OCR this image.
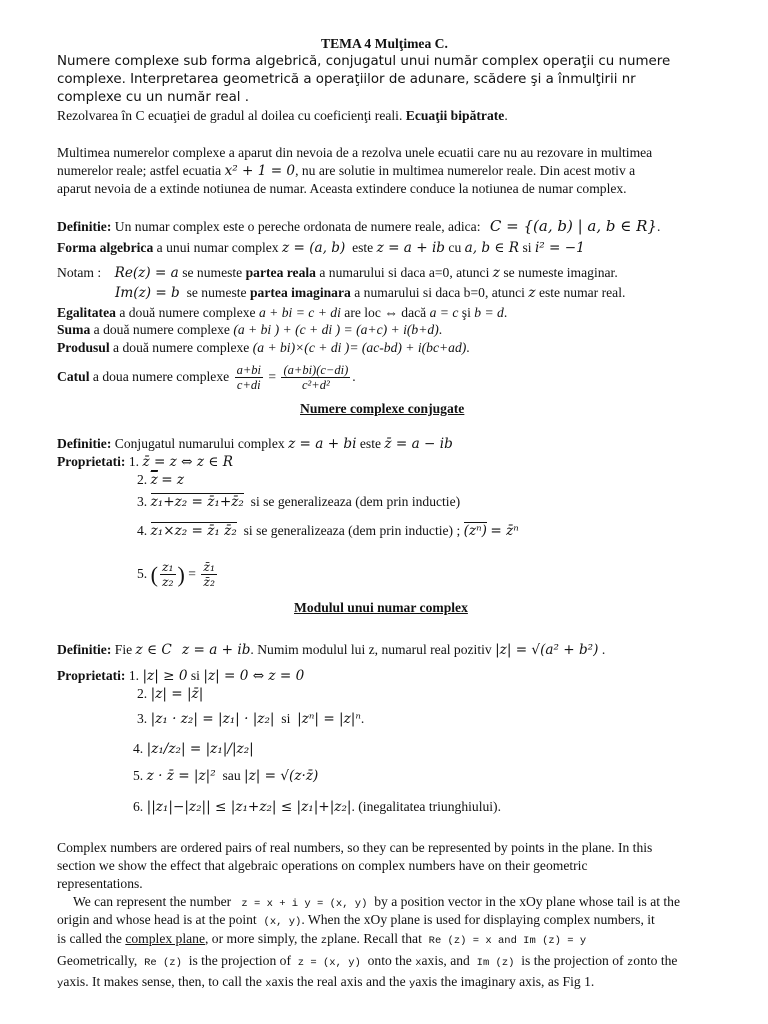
TEMA 4 Mulţimea C.
Numere complexe sub forma algebrică, conjugatul unui număr complex operaţii cu numere
complexe. Interpretarea geometrică a operaţiilor de adunare, scădere şi a înmulţirii nr
complexe cu un număr real .
Rezolvarea în C ecuaţiei de gradul al doilea cu coeficienţi reali. Ecuaţii bipătrate.
Multimea numerelor complexe a aparut din nevoia de a rezolva unele ecuatii care nu au rezovare in multimea
numerelor reale; astfel ecuatia x² + 1 = 0, nu are solutie in multimea numerelor reale. Din acest motiv a
aparut nevoia de a extinde notiunea de numar. Aceasta extindere conduce la notiunea de numar complex.
Definitie: Un numar complex este o pereche ordonata de numere reale, adica: C = {(a, b) | a, b ∈ R}.
Forma algebrica a unui numar complex z = (a, b) este z = a + ib cu a, b ∈ R si i² = −1
Notam : Re(z) = a se numeste partea reala a numarului si daca a=0, atunci z se numeste imaginar.
Im(z) = b se numeste partea imaginara a numarului si daca b=0, atunci z este numar real.
Egalitatea a două numere complexe a + bi = c + di are loc ⇔ dacă a = c şi b = d.
Suma a două numere complexe (a + bi ) + (c + di ) = (a+c) + i(b+d).
Produsul a două numere complexe (a + bi)×(c + di )= (ac-bd) + i(bc+ad).
Catul a doua numere complexe $\frac{a+bi}{c+di} = \frac{(a+bi)(c-di)}{\text{c²+d²}}$ .
Numere complexe conjugate
Definitie: Conjugatul numarului complex z = a + bi este z̄ = a − ib
Proprietati: 1. z̄ = z ⇔ z ∈ R
2. $\overline{z} = z$
3. z₁+z₂ = z̄₁+z̄₂ si se generalizeaza (dem prin inductie)
4. z₁×z₂ = z̄₁ z̄₂ si se generalizeaza (dem prin inductie) ; (zⁿ) = z̄ⁿ
5. ( $\frac{\text{z₁}}{\text{z₂}}$ ) = $\frac{\text{z̄₁}}{\text{z̄₂}}$
Modulul unui numar complex
Definitie: Fie z ∈ C z = a + ib. Numim modulul lui z, numarul real pozitiv |z| = √(a² + b²) .
Proprietati: 1. |z| ≥ 0 si |z| = 0 ⇔ z = 0
2. |z| = |z̄|
3. |z₁ · z₂| = |z₁| · |z₂| si |zⁿ| = |z|ⁿ.
4. |z₁/z₂| = |z₁|/|z₂|
5. z · z̄ = |z|² sau |z| = √(z·z̄)
6. ||z₁|−|z₂|| ≤ |z₁+z₂| ≤ |z₁|+|z₂|. (inegalitatea triunghiului).
Complex numbers are ordered pairs of real numbers, so they can be represented by points in the plane. In this
section we show the effect that algebraic operations on complex numbers have on their geometric
representations.
We can represent the number z = x + i y = (x, y) by a position vector in the xOy plane whose tail is at the
origin and whose head is at the point (x, y). When the xOy plane is used for displaying complex numbers, it
is called the complex plane, or more simply, the zplane. Recall that Re (z) = x and Im (z) = y
Geometrically, Re (z) is the projection of z = (x, y) onto the xaxis, and Im (z) is the projection of zonto the
yaxis. It makes sense, then, to call the xaxis the real axis and the yaxis the imaginary axis, as Fig 1.
